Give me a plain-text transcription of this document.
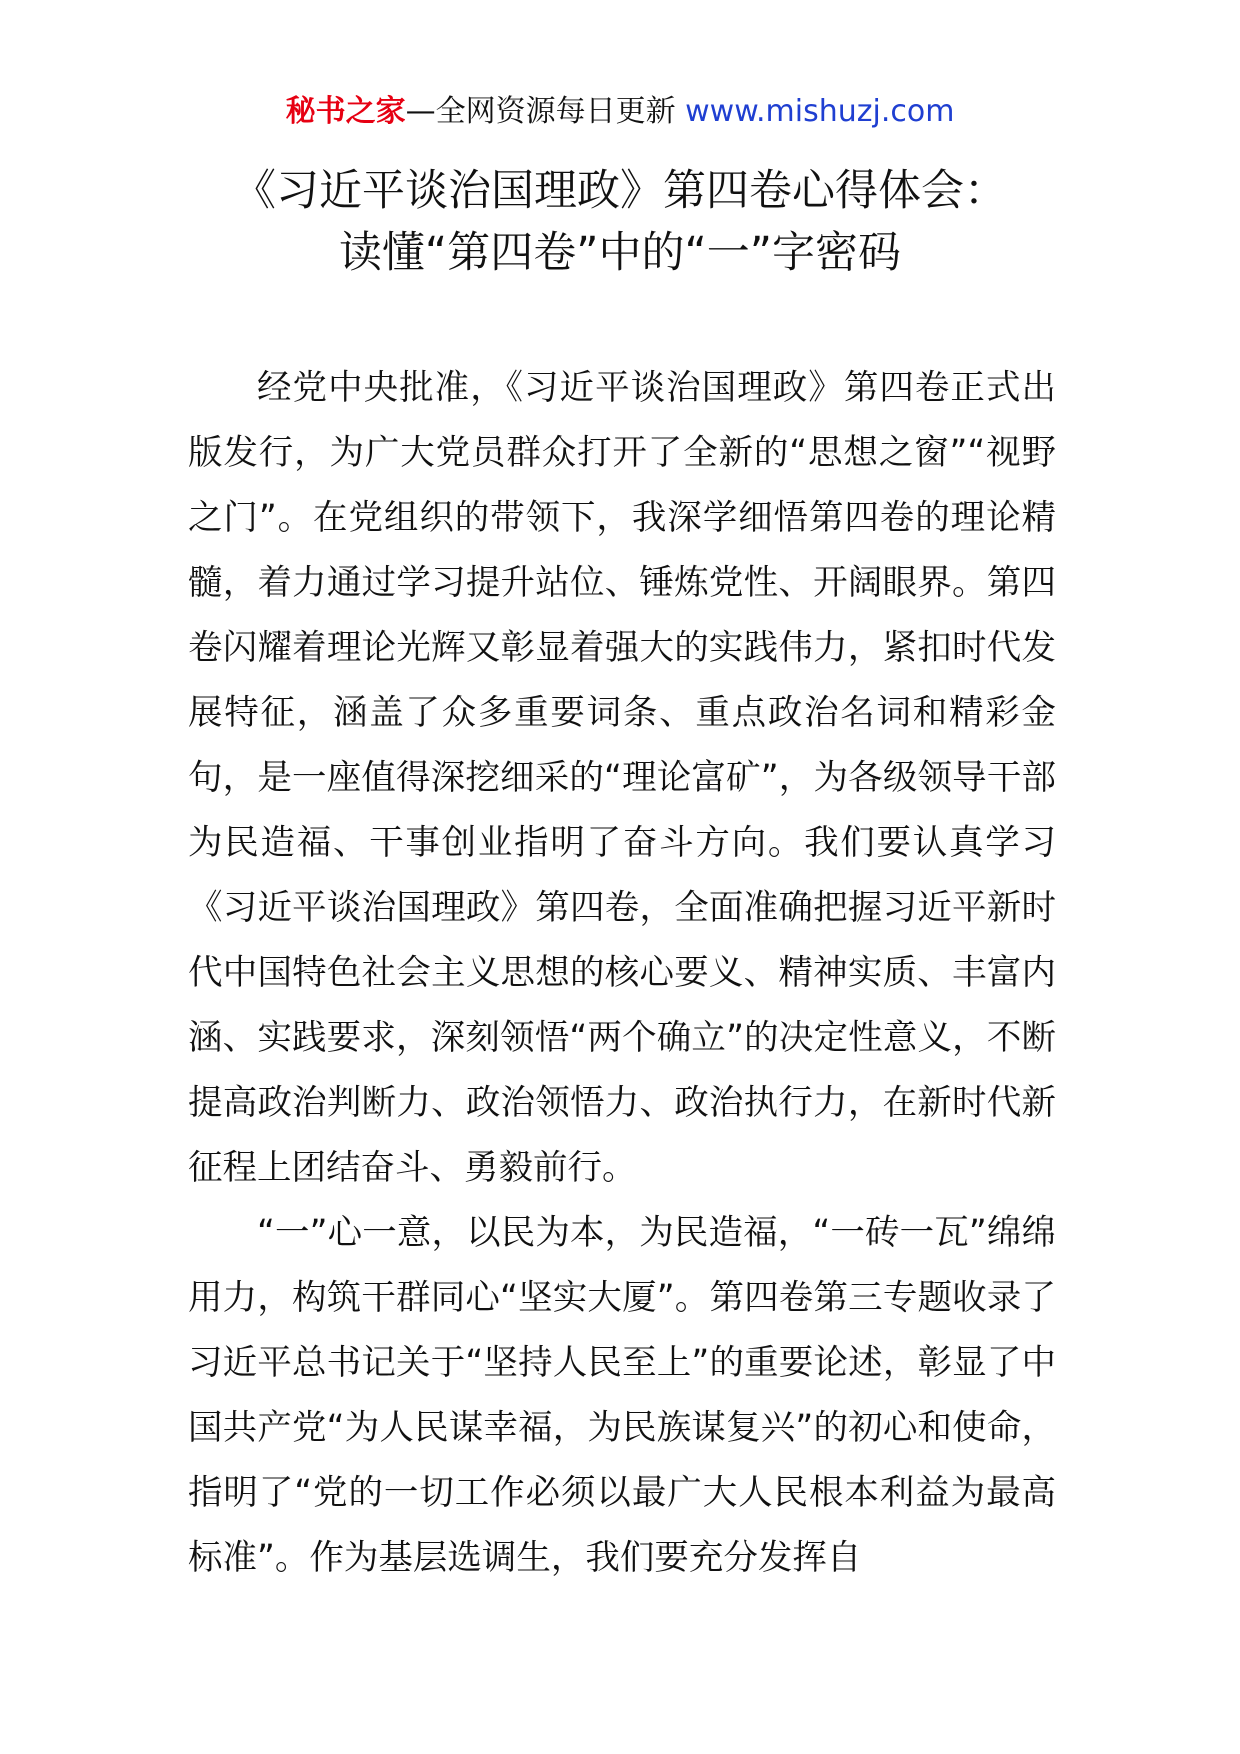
秘书之家—全网资源每日更新 www.mishuzj.com
《习近平谈治国理政》第四卷心得体会：
读懂“第四卷”中的“一”字密码

经党中央批准，《习近平谈治国理政》第四卷正式出版发行，为广大党员群众打开了全新的“思想之窗”“视野之门”。在党组织的带领下，我深学细悟第四卷的理论精髓，着力通过学习提升站位、锤炼党性、开阔眼界。第四卷闪耀着理论光辉又彰显着强大的实践伟力，紧扣时代发展特征，涵盖了众多重要词条、重点政治名词和精彩金句，是一座值得深挖细采的“理论富矿”，为各级领导干部为民造福、干事创业指明了奋斗方向。我们要认真学习《习近平谈治国理政》第四卷，全面准确把握习近平新时代中国特色社会主义思想的核心要义、精神实质、丰富内涵、实践要求，深刻领悟“两个确立”的决定性意义，不断提高政治判断力、政治领悟力、政治执行力，在新时代新征程上团结奋斗、勇毅前行。

“一”心一意，以民为本，为民造福，“一砖一瓦”绵绵用力，构筑干群同心“坚实大厦”。第四卷第三专题收录了习近平总书记关于“坚持人民至上”的重要论述，彰显了中国共产党“为人民谋幸福，为民族谋复兴”的初心和使命，指明了“党的一切工作必须以最广大人民根本利益为最高标准”。作为基层选调生，我们要充分发挥自
